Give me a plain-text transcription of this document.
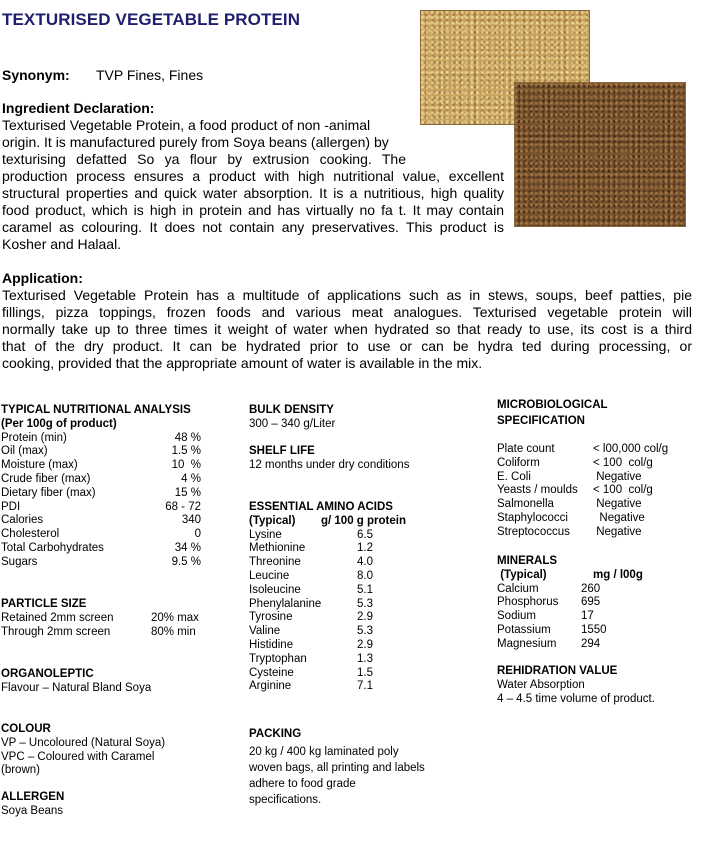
TEXTURISED VEGETABLE PROTEIN
Synonym: TVP Fines, Fines
Ingredient Declaration:
Texturised Vegetable Protein, a food product of non -animal
origin. It is manufactured purely from Soya beans (allergen) by
texturising defatted So ya flour by extrusion cooking. The
production process ensures a product with high nutritional value, excellent
structural properties and quick water absorption. It is a nutritious, high quality
food product, which is high in protein and has virtually no fa t. It may contain
caramel as colouring. It does not contain any preservatives. This product is
Kosher and Halaal.
Application:
Texturised Vegetable Protein has a multitude of applications such as in stews, soups, beef patties, pie
fillings, pizza toppings, frozen foods and various meat analogues. Texturised vegetable protein will
normally take up to three times it weight of water when hydrated so that ready to use, its cost is a third
that of the dry product. It can be hydrated prior to use or can be hydra ted during processing, or
cooking, provided that the appropriate amount of water is available in the mix.
TYPICAL NUTRITIONAL ANALYSIS
(Per 100g of product)
Protein (min)	48 %
Oil (max)	1.5 %
Moisture (max)	10  %
Crude fiber (max)	4 %
Dietary fiber (max)	15 %
PDI	68 - 72
Calories	340
Cholesterol	0
Total Carbohydrates	34 %
Sugars	9.5 %
PARTICLE SIZE
Retained 2mm screen	20% max
Through 2mm screen	80% min
ORGANOLEPTIC
Flavour – Natural Bland Soya
COLOUR
VP – Uncoloured (Natural Soya)
VPC – Coloured with Caramel
(brown)
ALLERGEN
Soya Beans
BULK DENSITY
300 – 340 g/Liter
SHELF LIFE
12 months under dry conditions
ESSENTIAL AMINO ACIDS
(Typical)	g/ 100 g protein
Lysine	6.5
Methionine	1.2
Threonine	4.0
Leucine	8.0
Isoleucine	5.1
Phenylalanine	5.3
Tyrosine	2.9
Valine	5.3
Histidine	2.9
Tryptophan	1.3
Cysteine	1.5
Arginine	7.1
PACKING
20 kg / 400 kg laminated poly
woven bags, all printing and labels
adhere to food grade
specifications.
MICROBIOLOGICAL
SPECIFICATION
Plate count	< l00,000 col/g
Coliform	< 100  col/g
E. Coli	Negative
Yeasts / moulds	< 100  col/g
Salmonella	Negative
Staphylococci	Negative
Streptococcus	Negative
MINERALS
(Typical)	mg / l00g
Calcium	260
Phosphorus	695
Sodium	17
Potassium	1550
Magnesium	294
REHIDRATION VALUE
Water Absorption
4 – 4.5 time volume of product.
